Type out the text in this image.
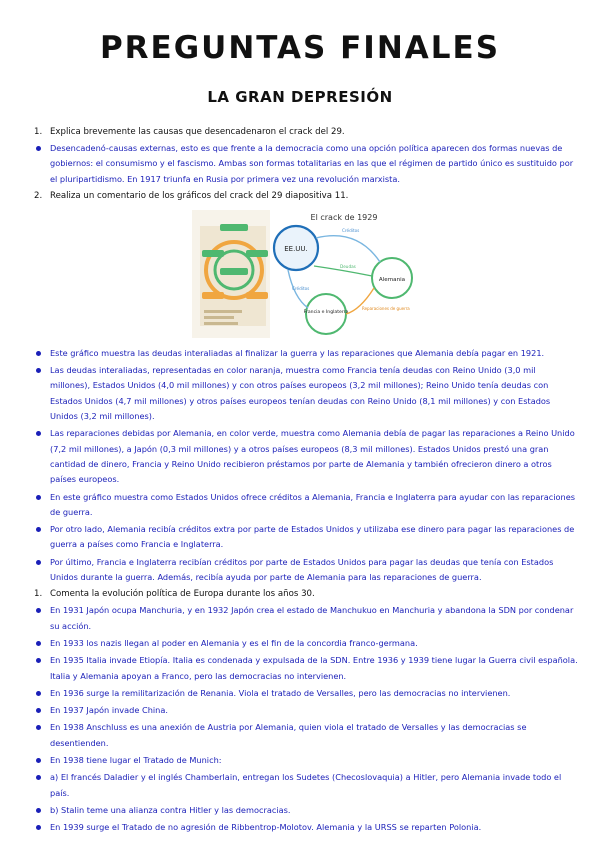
PREGUNTAS FINALES
LA GRAN DEPRESIÓN
1. Explica brevemente las causas que desencadenaron el crack del 29.
Desencadenó-causas externas, esto es que frente a la democracia como una opción política aparecen dos formas nuevas de gobiernos: el consumismo y el fascismo. Ambas son formas totalitarias en las que el régimen de partido único es sustituido por el pluripartidismo. En 1917 triunfa en Rusia por primera vez una revolución marxista.
2. Realiza un comentario de los gráficos del crack del 29 diapositiva 11.
El crack de 1929
EE.UU.
Alemania
Francia e Inglaterra
Créditos
Créditos
Deudas
Reparaciones de guerra
Este gráfico muestra las deudas interaliadas al finalizar la guerra y las reparaciones que Alemania debía pagar en 1921.
Las deudas interaliadas, representadas en color naranja, muestra como Francia tenía deudas con Reino Unido (3,0 mil millones), Estados Unidos (4,0 mil millones) y con otros países europeos (3,2 mil millones); Reino Unido tenía deudas con Estados Unidos (4,7 mil millones) y otros países europeos tenían deudas con Reino Unido (8,1 mil millones) y con Estados Unidos (3,2 mil millones).
Las reparaciones debidas por Alemania, en color verde, muestra como Alemania debía de pagar las reparaciones a Reino Unido (7,2 mil millones), a Japón (0,3 mil millones) y a otros países europeos (8,3 mil millones). Estados Unidos prestó una gran cantidad de dinero, Francia y Reino Unido recibieron préstamos por parte de Alemania y también ofrecieron dinero a otros países europeos.
En este gráfico muestra como Estados Unidos ofrece créditos a Alemania, Francia e Inglaterra para ayudar con las reparaciones de guerra.
Por otro lado, Alemania recibía créditos extra por parte de Estados Unidos y utilizaba ese dinero para pagar las reparaciones de guerra a países como Francia e Inglaterra.
Por último, Francia e Inglaterra recibían créditos por parte de Estados Unidos para pagar las deudas que tenía con Estados Unidos durante la guerra. Además, recibía ayuda por parte de Alemania para las reparaciones de guerra.
1. Comenta la evolución política de Europa durante los años 30.
En 1931 Japón ocupa Manchuria, y en 1932 Japón crea el estado de Manchukuo en Manchuria y abandona la SDN por condenar su acción.
En 1933 los nazis llegan al poder en Alemania y es el fin de la concordia franco-germana.
En 1935 Italia invade Etiopía. Italia es condenada y expulsada de la SDN. Entre 1936 y 1939 tiene lugar la Guerra civil española. Italia y Alemania apoyan a Franco, pero las democracias no intervienen.
En 1936 surge la remilitarización de Renania. Viola el tratado de Versalles, pero las democracias no intervienen.
En 1937 Japón invade China.
En 1938 Anschluss es una anexión de Austria por Alemania, quien viola el tratado de Versalles y las democracias se desentienden.
En 1938 tiene lugar el Tratado de Munich:
a) El francés Daladier y el inglés Chamberlain, entregan los Sudetes (Checoslovaquia) a Hitler, pero Alemania invade todo el país.
b) Stalin teme una alianza contra Hitler y las democracias.
En 1939 surge el Tratado de no agresión de Ribbentrop-Molotov. Alemania y la URSS se reparten Polonia.
